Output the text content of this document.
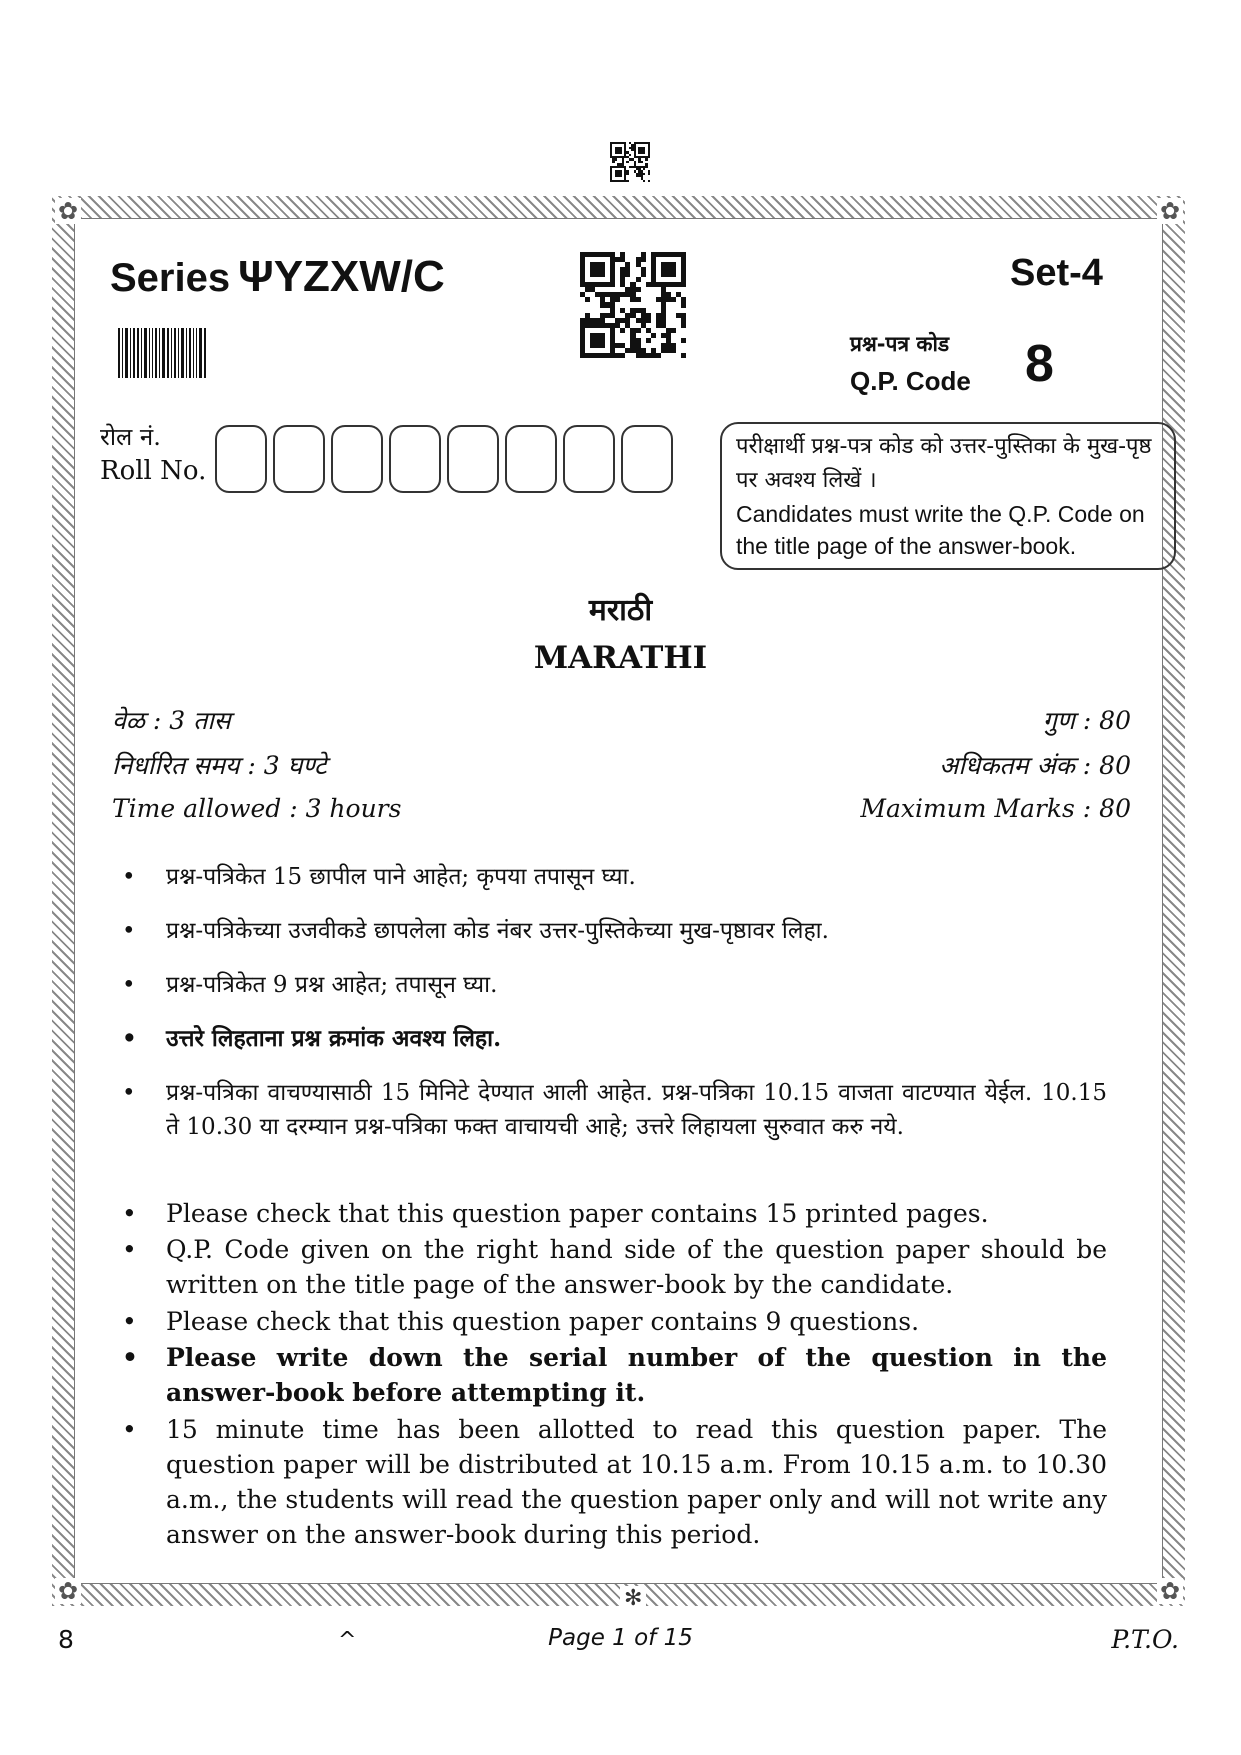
✿	✿
✿	✿
Series ΨYZXW/C	Set-4
प्रश्न-पत्र कोड
Q.P. Code 8
रोल नं.
Roll No.
परीक्षार्थी प्रश्न-पत्र कोड को उत्तर-पुस्तिका के मुख-पृष्ठ पर अवश्य लिखें ।
Candidates must write the Q.P. Code on the title page of the answer-book.
मराठी
MARATHI
वेळ : 3 तास
निर्धारित समय : 3 घण्टे
Time allowed : 3 hours
गुण : 80
अधिकतम अंक : 80
Maximum Marks : 80
• प्रश्न-पत्रिकेत 15 छापील पाने आहेत; कृपया तपासून घ्या.
• प्रश्न-पत्रिकेच्या उजवीकडे छापलेला कोड नंबर उत्तर-पुस्तिकेच्या मुख-पृष्ठावर लिहा.
• प्रश्न-पत्रिकेत 9 प्रश्न आहेत; तपासून घ्या.
• उत्तरे लिहताना प्रश्न क्रमांक अवश्य लिहा.
• प्रश्न-पत्रिका वाचण्यासाठी 15 मिनिटे देण्यात आली आहेत. प्रश्न-पत्रिका 10.15 वाजता वाटण्यात येईल. 10.15 ते 10.30 या दरम्यान प्रश्न-पत्रिका फक्त वाचायची आहे; उत्तरे लिहायला सुरुवात करु नये.
• Please check that this question paper contains 15 printed pages.
• Q.P. Code given on the right hand side of the question paper should be written on the title page of the answer-book by the candidate.
• Please check that this question paper contains 9 questions.
• Please write down the serial number of the question in the answer-book before attempting it.
• 15 minute time has been allotted to read this question paper. The question paper will be distributed at 10.15 a.m. From 10.15 a.m. to 10.30 a.m., the students will read the question paper only and will not write any answer on the answer-book during this period.
✻
8	^	Page 1 of 15	P.T.O.
